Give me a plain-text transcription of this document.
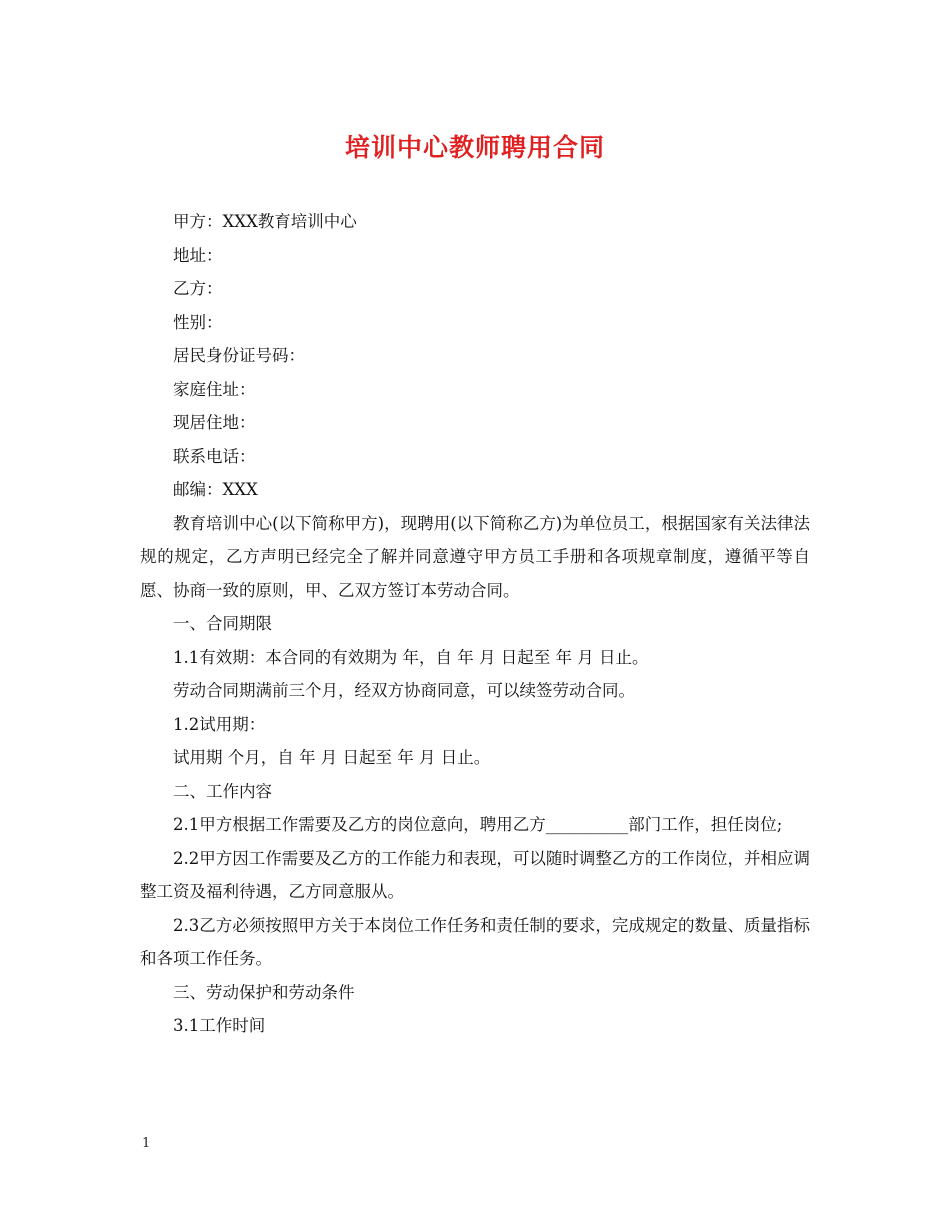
培训中心教师聘用合同

甲方：XXX教育培训中心

地址：

乙方：

性别：

居民身份证号码：

家庭住址：

现居住地：

联系电话：

邮编：XXX

教育培训中心(以下简称甲方)，现聘用(以下简称乙方)为单位员工，根据国家有关法律法规的规定，乙方声明已经完全了解并同意遵守甲方员工手册和各项规章制度，遵循平等自愿、协商一致的原则，甲、乙双方签订本劳动合同。

一、合同期限

1.1有效期：本合同的有效期为 年，自 年 月 日起至 年 月 日止。

劳动合同期满前三个月，经双方协商同意，可以续签劳动合同。

1.2试用期：

试用期 个月，自 年 月 日起至 年 月 日止。

二、工作内容

2.1甲方根据工作需要及乙方的岗位意向，聘用乙方__________部门工作，担任岗位;

2.2甲方因工作需要及乙方的工作能力和表现，可以随时调整乙方的工作岗位，并相应调整工资及福利待遇，乙方同意服从。

2.3乙方必须按照甲方关于本岗位工作任务和责任制的要求，完成规定的数量、质量指标和各项工作任务。

三、劳动保护和劳动条件

3.1工作时间

1
